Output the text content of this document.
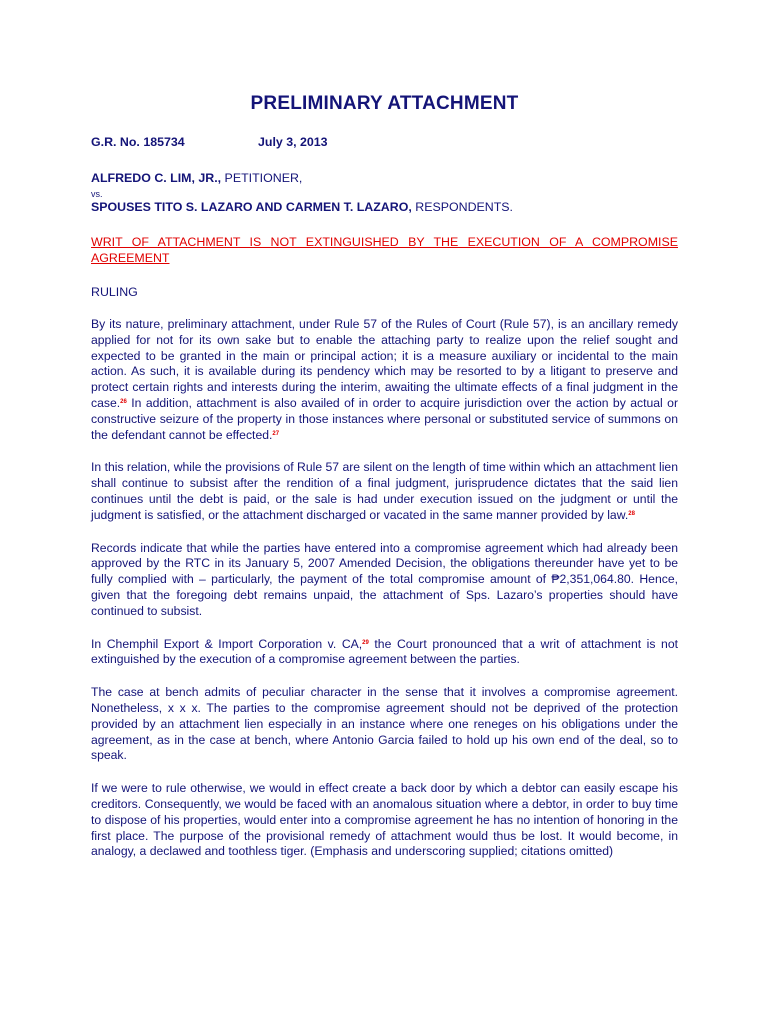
PRELIMINARY ATTACHMENT
G.R. No. 185734	July 3, 2013
ALFREDO C. LIM, JR., PETITIONER,
vs.
SPOUSES TITO S. LAZARO AND CARMEN T. LAZARO, RESPONDENTS.
WRIT OF ATTACHMENT IS NOT EXTINGUISHED BY THE EXECUTION OF A COMPROMISE AGREEMENT
RULING

By its nature, preliminary attachment, under Rule 57 of the Rules of Court (Rule 57), is an ancillary remedy applied for not for its own sake but to enable the attaching party to realize upon the relief sought and expected to be granted in the main or principal action; it is a measure auxiliary or incidental to the main action. As such, it is available during its pendency which may be resorted to by a litigant to preserve and protect certain rights and interests during the interim, awaiting the ultimate effects of a final judgment in the case.$^{26}$ In addition, attachment is also availed of in order to acquire jurisdiction over the action by actual or constructive seizure of the property in those instances where personal or substituted service of summons on the defendant cannot be effected.$^{27}$

In this relation, while the provisions of Rule 57 are silent on the length of time within which an attachment lien shall continue to subsist after the rendition of a final judgment, jurisprudence dictates that the said lien continues until the debt is paid, or the sale is had under execution issued on the judgment or until the judgment is satisfied, or the attachment discharged or vacated in the same manner provided by law.$^{28}$

Records indicate that while the parties have entered into a compromise agreement which had already been approved by the RTC in its January 5, 2007 Amended Decision, the obligations thereunder have yet to be fully complied with – particularly, the payment of the total compromise amount of ₱2,351,064.80. Hence, given that the foregoing debt remains unpaid, the attachment of Sps. Lazaro’s properties should have continued to subsist.

In Chemphil Export & Import Corporation v. CA,$^{29}$ the Court pronounced that a writ of attachment is not extinguished by the execution of a compromise agreement between the parties.

The case at bench admits of peculiar character in the sense that it involves a compromise agreement. Nonetheless, x x x. The parties to the compromise agreement should not be deprived of the protection provided by an attachment lien especially in an instance where one reneges on his obligations under the agreement, as in the case at bench, where Antonio Garcia failed to hold up his own end of the deal, so to speak.

If we were to rule otherwise, we would in effect create a back door by which a debtor can easily escape his creditors. Consequently, we would be faced with an anomalous situation where a debtor, in order to buy time to dispose of his properties, would enter into a compromise agreement he has no intention of honoring in the first place. The purpose of the provisional remedy of attachment would thus be lost. It would become, in analogy, a declawed and toothless tiger. (Emphasis and underscoring supplied; citations omitted)
